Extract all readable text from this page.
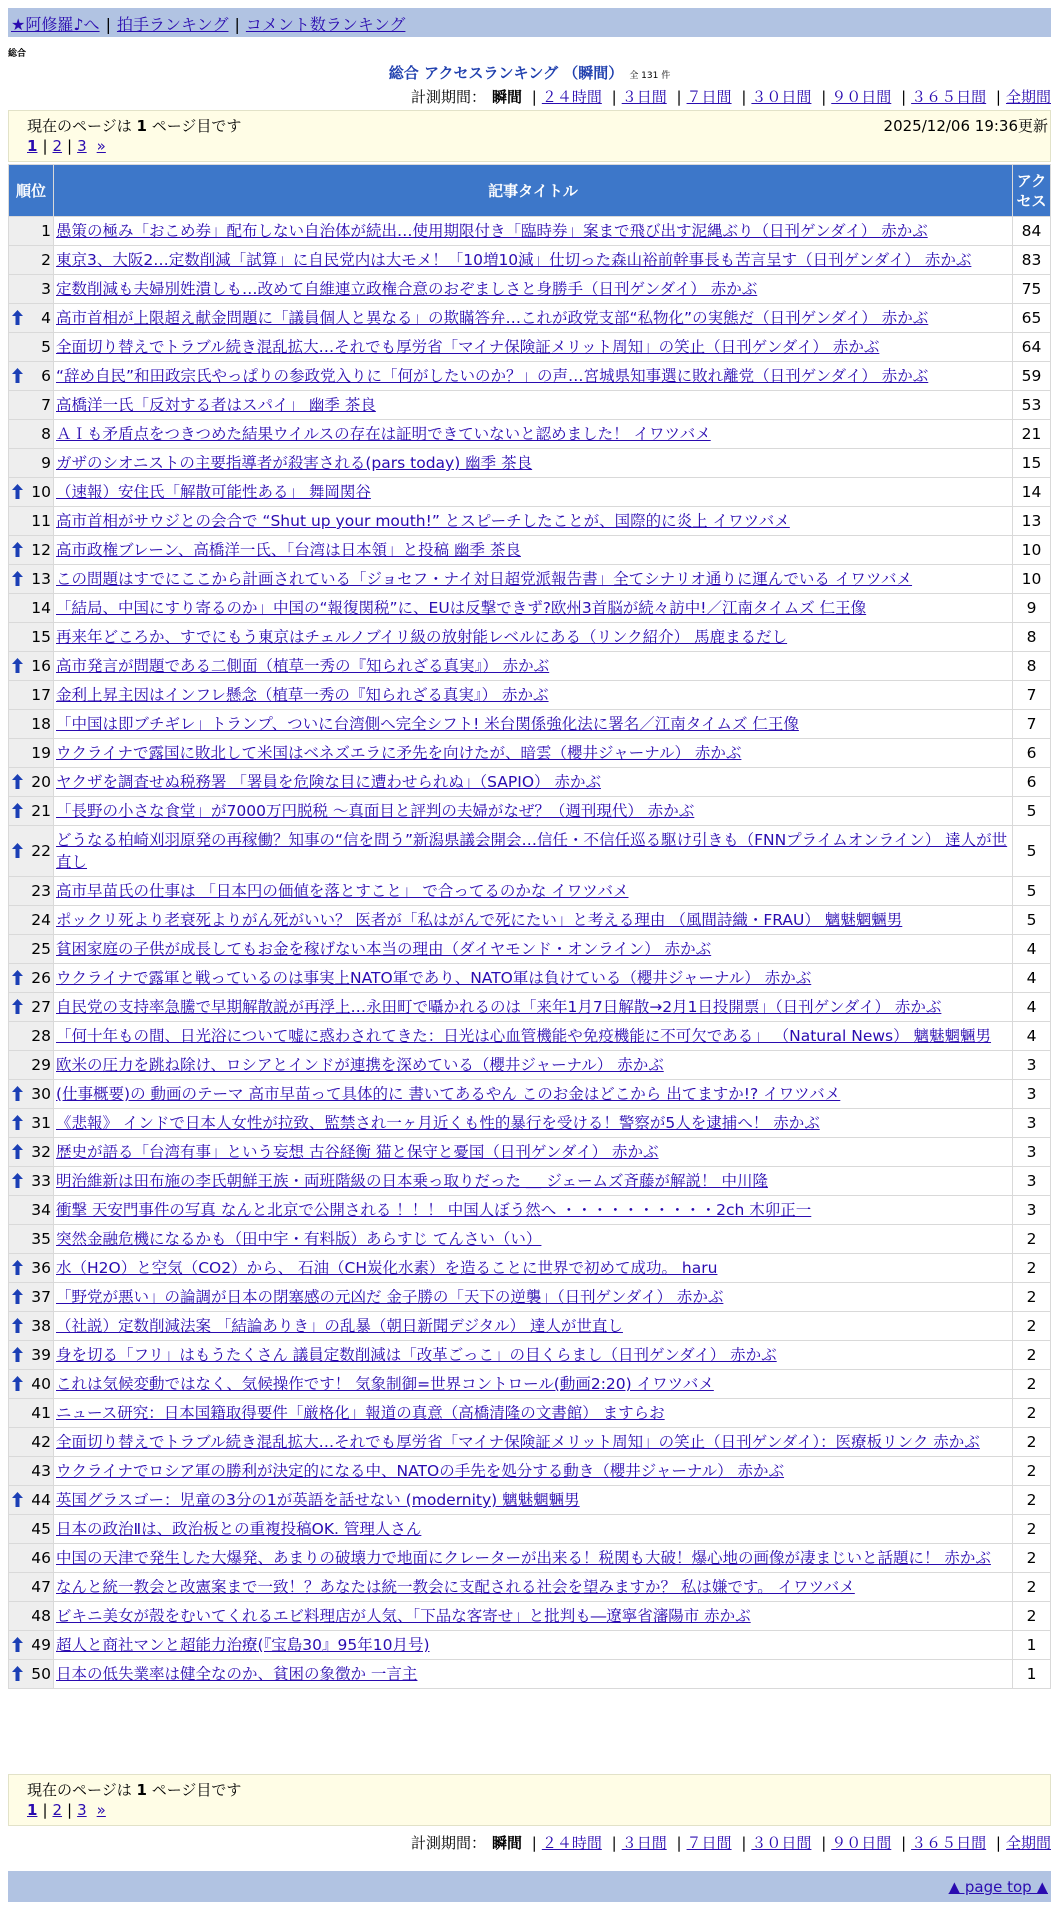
★阿修羅♪へ | 拍手ランキング | コメント数ランキング
総合
総合 アクセスランキング （瞬間） 全 131 件
計測期間： 瞬間 | ２４時間 | ３日間 | ７日間 | ３０日間 | ９０日間 | ３６５日間 | 全期間
現在のページは 1 ページ目です	2025/12/06 19:36更新
1 | 2 | 3 »
順位	記事タイトル	アクセス
1	愚策の極み「おこめ券」配布しない自治体が続出…使用期限付き「臨時券」案まで飛び出す泥縄ぶり（日刊ゲンダイ） 赤かぶ	84
2	東京3、大阪2…定数削減「試算」に自民党内は大モメ！「10増10減」仕切った森山裕前幹事長も苦言呈す（日刊ゲンダイ） 赤かぶ	83
3	定数削減も夫婦別姓潰しも…改めて自維連立政権合意のおぞましさと身勝手（日刊ゲンダイ） 赤かぶ	75

4	高市首相が上限超え献金問題に「議員個人と異なる」の欺瞞答弁…これが政党支部“私物化”の実態だ（日刊ゲンダイ） 赤かぶ	65
5	全面切り替えでトラブル続き混乱拡大…それでも厚労省「マイナ保険証メリット周知」の笑止（日刊ゲンダイ） 赤かぶ	64

6	“辞め自民”和田政宗氏やっぱりの参政党入りに「何がしたいのか？」の声…宮城県知事選に敗れ離党（日刊ゲンダイ） 赤かぶ	59
7	高橋洋一氏「反対する者はスパイ」 幽季 茶良	53
8	ＡＩも矛盾点をつきつめた結果ウイルスの存在は証明できていないと認めました！ イワツバメ	21
9	ガザのシオニストの主要指導者が殺害される(pars today) 幽季 茶良	15

10	（速報）安住氏「解散可能性ある」 舞岡関谷	14
11	高市首相がサウジとの会合で “Shut up your mouth!” とスピーチしたことが、国際的に炎上 イワツバメ	13

12	高市政権ブレーン、高橋洋一氏、「台湾は日本領」と投稿 幽季 茶良	10

13	この問題はすでにここから計画されている「ジョセフ・ナイ対日超党派報告書」全てシナリオ通りに運んでいる イワツバメ	10
14	「結局、中国にすり寄るのか」中国の“報復関税”に、EUは反撃できず?欧州3首脳が続々訪中!／江南タイムズ 仁王像	9
15	再来年どころか、すでにもう東京はチェルノブイリ級の放射能レベルにある（リンク紹介） 馬鹿まるだし	8

16	高市発言が問題である二側面（植草一秀の『知られざる真実』） 赤かぶ	8
17	金利上昇主因はインフレ懸念（植草一秀の『知られざる真実』） 赤かぶ	7
18	「中国は即ブチギレ」トランプ、ついに台湾側へ完全シフト! 米台関係強化法に署名／江南タイムズ 仁王像	7
19	ウクライナで露国に敗北して米国はベネズエラに矛先を向けたが、暗雲（櫻井ジャーナル） 赤かぶ	6

20	ヤクザを調査せぬ税務署 「署員を危険な目に遭わせられぬ」（SAPIO） 赤かぶ	6

21	「長野の小さな食堂」が7000万円脱税 ～真面目と評判の夫婦がなぜ？（週刊現代） 赤かぶ	5

22	どうなる柏崎刈羽原発の再稼働？知事の“信を問う”新潟県議会開会…信任・不信任巡る駆け引きも（FNNプライムオンライン） 達人が世直し	5
23	高市早苗氏の仕事は 「日本円の価値を落とすこと」 で合ってるのかな イワツバメ	5
24	ポックリ死より老衰死よりがん死がいい？ 医者が「私はがんで死にたい」と考える理由 （風間詩織・FRAU） 魑魅魍魎男	5
25	貧困家庭の子供が成長してもお金を稼げない本当の理由（ダイヤモンド・オンライン） 赤かぶ	4

26	ウクライナで露軍と戦っているのは事実上NATO軍であり、NATO軍は負けている（櫻井ジャーナル） 赤かぶ	4

27	自民党の支持率急騰で早期解散説が再浮上…永田町で囁かれるのは「来年1月7日解散→2月1日投開票」（日刊ゲンダイ） 赤かぶ	4
28	「何十年もの間、日光浴について嘘に惑わされてきた：日光は心血管機能や免疫機能に不可欠である」 （Natural News） 魑魅魍魎男	4
29	欧米の圧力を跳ね除け、ロシアとインドが連携を深めている（櫻井ジャーナル） 赤かぶ	3

30	(仕事概要)の 動画のテーマ 高市早苗って具体的に 書いてあるやん このお金はどこから 出てますか!? イワツバメ	3

31	《悲報》 インドで日本人女性が拉致、監禁され一ヶ月近くも性的暴行を受ける！警察が5人を逮捕へ！ 赤かぶ	3

32	歴史が語る「台湾有事」という妄想 古谷経衡 猫と保守と憂国（日刊ゲンダイ） 赤かぶ	3

33	明治維新は田布施の李氏朝鮮王族・両班階級の日本乗っ取りだった ＿ ジェームズ斉藤が解説！ 中川隆	3
34	衝撃 天安門事件の写真 なんと北京で公開される ！！！ 中国人ぼう然へ ・・・・・・・・・・2ch 木卯正一	3
35	突然金融危機になるかも（田中宇・有料版）あらすじ てんさい（い）	2

36	水（H2O）と空気（CO2）から、 石油（CH炭化水素）を造ることに世界で初めて成功。 haru	2

37	「野党が悪い」の論調が日本の閉塞感の元凶だ 金子勝の「天下の逆襲」（日刊ゲンダイ） 赤かぶ	2

38	（社説）定数削減法案 「結論ありき」の乱暴（朝日新聞デジタル） 達人が世直し	2

39	身を切る「フリ」はもうたくさん 議員定数削減は「改革ごっこ」の目くらまし（日刊ゲンダイ） 赤かぶ	2

40	これは気候変動ではなく、気候操作です！ 気象制御=世界コントロール(動画2:20) イワツバメ	2
41	ニュース研究：日本国籍取得要件「厳格化」報道の真意（高橋清隆の文書館） ますらお	2
42	全面切り替えでトラブル続き混乱拡大…それでも厚労省「マイナ保険証メリット周知」の笑止（日刊ゲンダイ）：医療板リンク 赤かぶ	2
43	ウクライナでロシア軍の勝利が決定的になる中、NATOの手先を処分する動き（櫻井ジャーナル） 赤かぶ	2

44	英国グラスゴー：児童の3分の1が英語を話せない (modernity) 魑魅魍魎男	2
45	日本の政治Ⅱは、政治板との重複投稿OK. 管理人さん	2
46	中国の天津で発生した大爆発、あまりの破壊力で地面にクレーターが出来る！税関も大破！爆心地の画像が凄まじいと話題に！ 赤かぶ	2
47	なんと統一教会と改憲案まで一致！？あなたは統一教会に支配される社会を望みますか？ 私は嫌です。 イワツバメ	2
48	ビキニ美女が殻をむいてくれるエビ料理店が人気、「下品な客寄せ」と批判も―遼寧省瀋陽市 赤かぶ	2

49	超人と商社マンと超能力治療(『宝島30』95年10月号)	1

50	日本の低失業率は健全なのか、貧困の象徴か 一言主	1
現在のページは 1 ページ目です
1 | 2 | 3 »
計測期間： 瞬間 | ２４時間 | ３日間 | ７日間 | ３０日間 | ９０日間 | ３６５日間 | 全期間
▲ page top ▲
